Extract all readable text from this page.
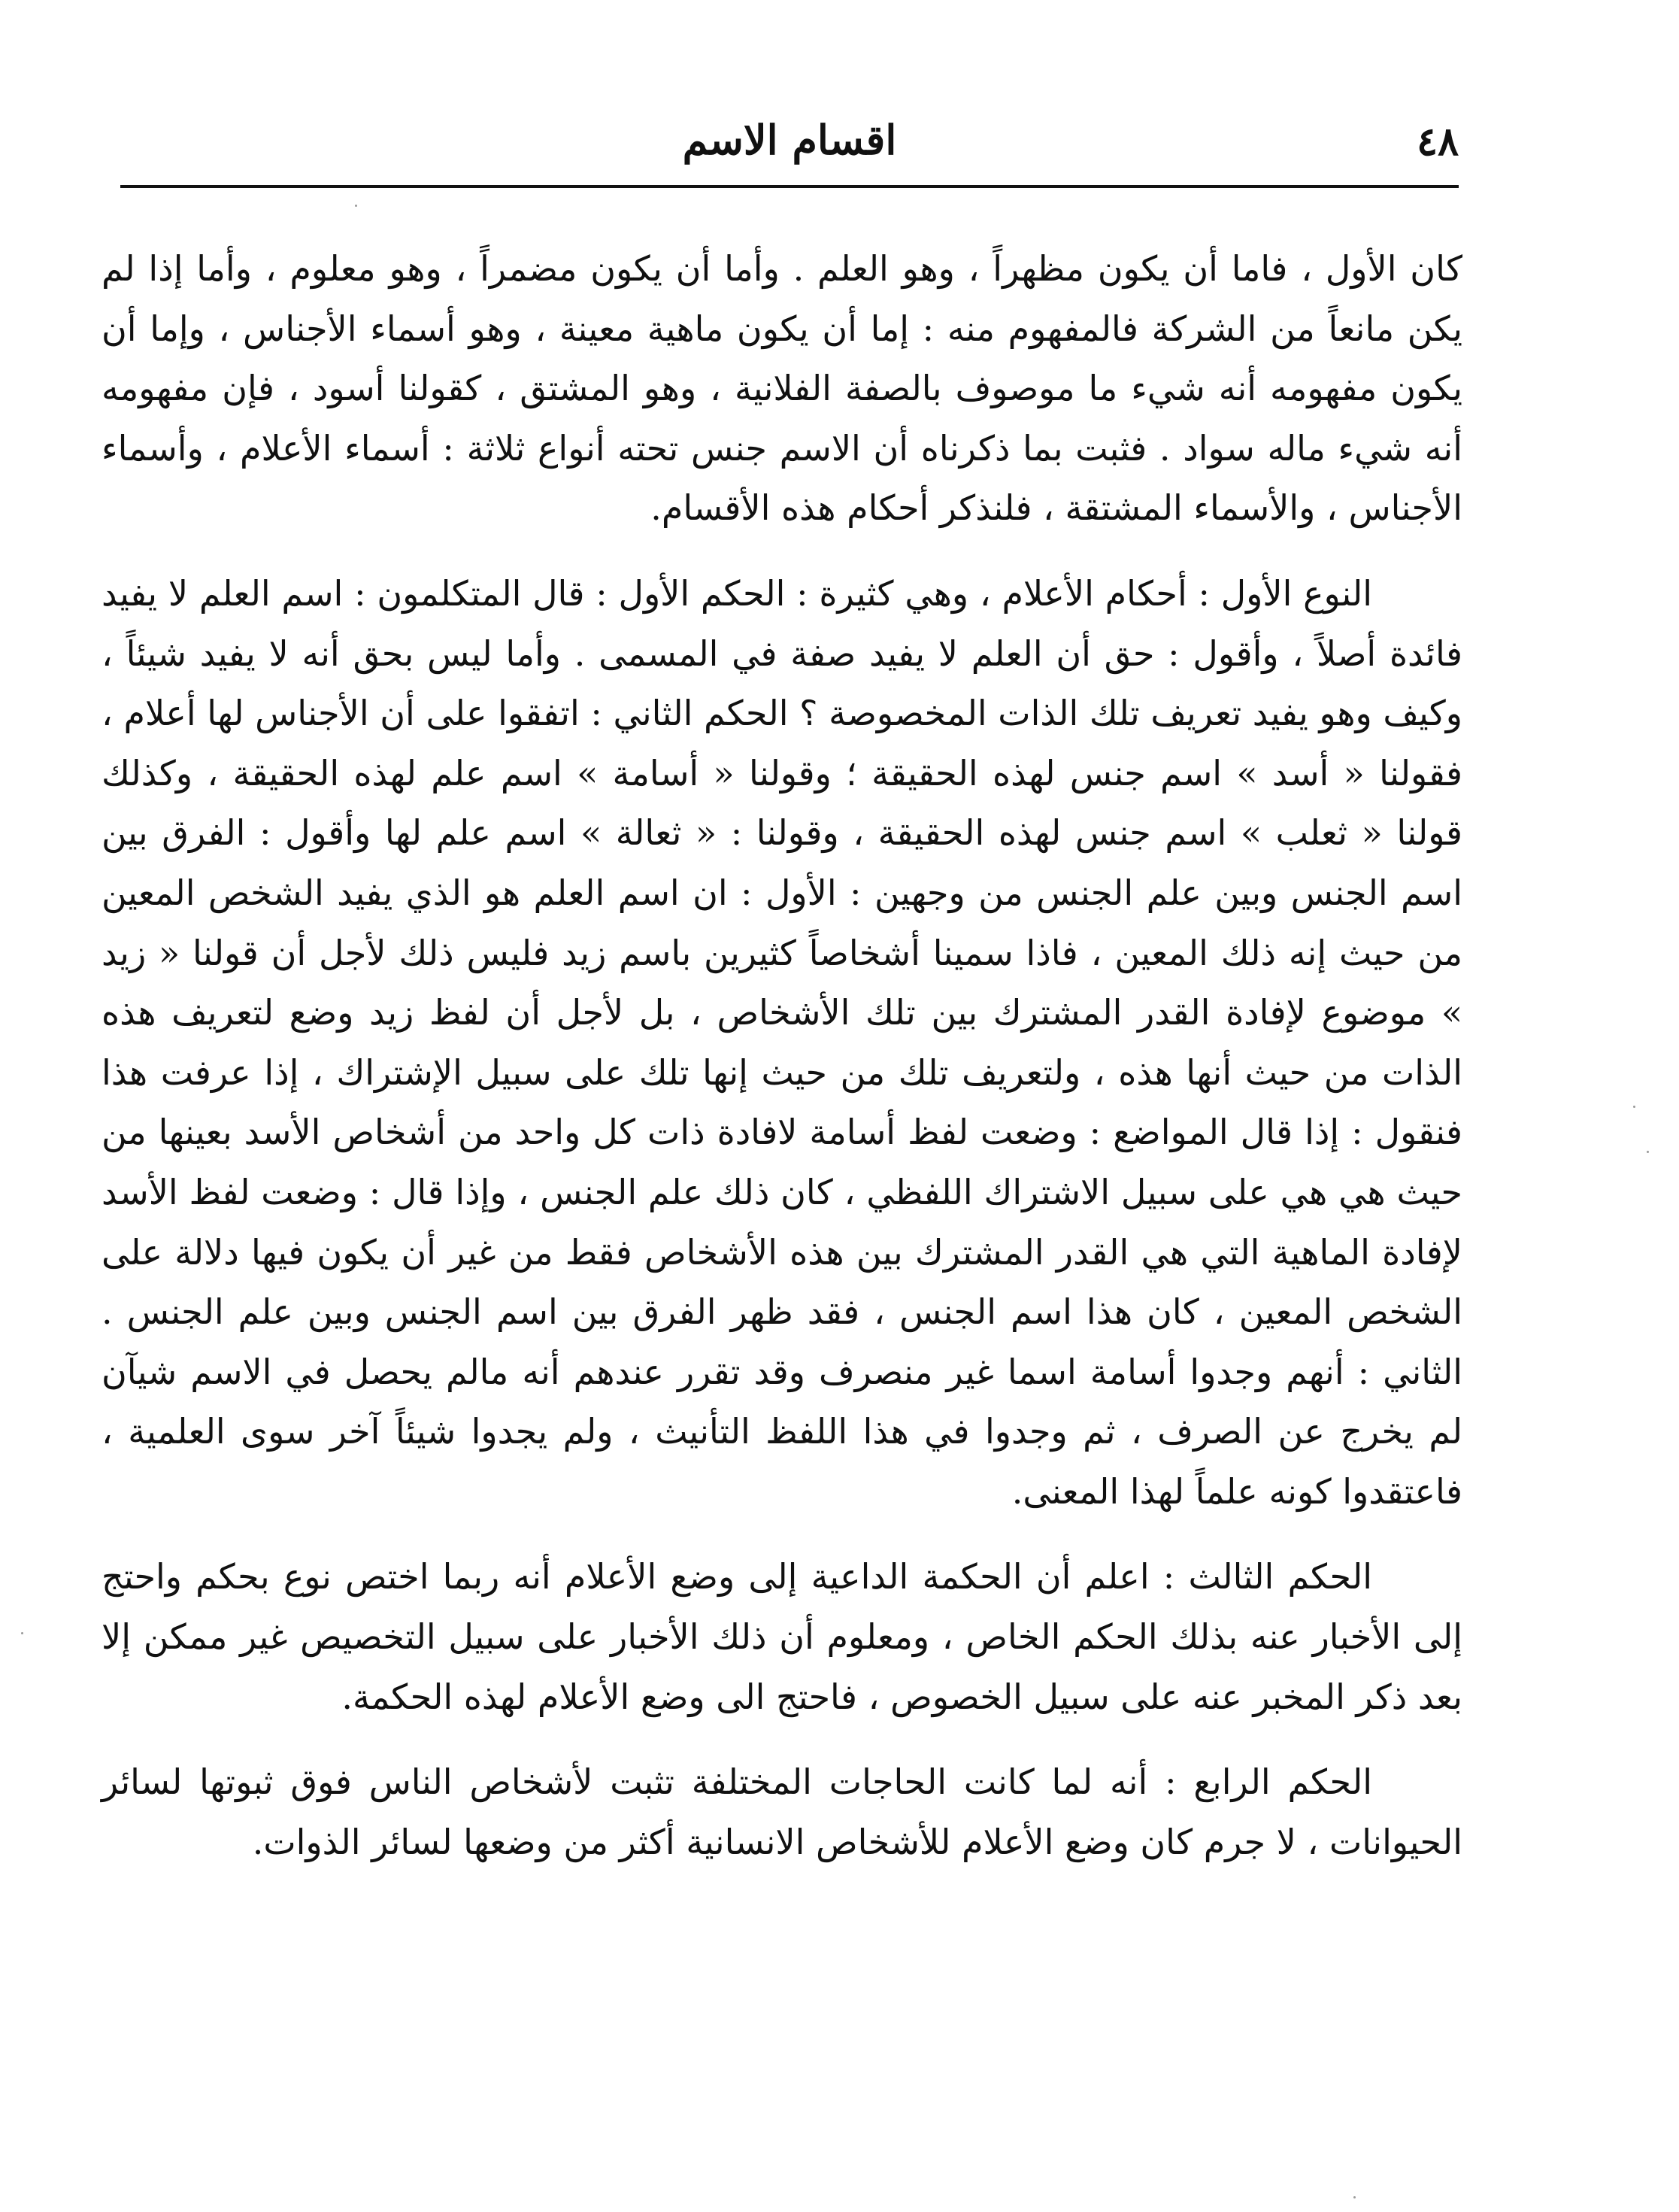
٤٨
اقسام الاسم

كان الأول ، فاما أن يكون مظهراً ، وهو العلم . وأما أن يكون مضمراً ، وهو معلوم ، وأما إذا لم يكن مانعاً من الشركة فالمفهوم منه : إما أن يكون ماهية معينة ، وهو أسماء الأجناس ، وإما أن يكون مفهومه أنه شيء ما موصوف بالصفة الفلانية ، وهو المشتق ، كقولنا أسود ، فإن مفهومه أنه شيء ماله سواد . فثبت بما ذكرناه أن الاسم جنس تحته أنواع ثلاثة : أسماء الأعلام ، وأسماء الأجناس ، والأسماء المشتقة ، فلنذكر أحكام هذه الأقسام.

النوع الأول : أحكام الأعلام ، وهي كثيرة : الحكم الأول : قال المتكلمون : اسم العلم لا يفيد فائدة أصلاً ، وأقول : حق أن العلم لا يفيد صفة في المسمى . وأما ليس بحق أنه لا يفيد شيئاً ، وكيف وهو يفيد تعريف تلك الذات المخصوصة ؟ الحكم الثاني : اتفقوا على أن الأجناس لها أعلام ، فقولنا « أسد » اسم جنس لهذه الحقيقة ؛ وقولنا « أسامة » اسم علم لهذه الحقيقة ، وكذلك قولنا « ثعلب » اسم جنس لهذه الحقيقة ، وقولنا : « ثعالة » اسم علم لها وأقول : الفرق بين اسم الجنس وبين علم الجنس من وجهين : الأول : ان اسم العلم هو الذي يفيد الشخص المعين من حيث إنه ذلك المعين ، فاذا سمينا أشخاصاً كثيرين باسم زيد فليس ذلك لأجل أن قولنا « زيد » موضوع لإفادة القدر المشترك بين تلك الأشخاص ، بل لأجل أن لفظ زيد وضع لتعريف هذه الذات من حيث أنها هذه ، ولتعريف تلك من حيث إنها تلك على سبيل الإشتراك ، إذا عرفت هذا فنقول : إذا قال المواضع : وضعت لفظ أسامة لافادة ذات كل واحد من أشخاص الأسد بعينها من حيث هي هي على سبيل الاشتراك اللفظي ، كان ذلك علم الجنس ، وإذا قال : وضعت لفظ الأسد لإفادة الماهية التي هي القدر المشترك بين هذه الأشخاص فقط من غير أن يكون فيها دلالة على الشخص المعين ، كان هذا اسم الجنس ، فقد ظهر الفرق بين اسم الجنس وبين علم الجنس . الثاني : أنهم وجدوا أسامة اسما غير منصرف وقد تقرر عندهم أنه مالم يحصل في الاسم شيآن لم يخرج عن الصرف ، ثم وجدوا في هذا اللفظ التأنيث ، ولم يجدوا شيئاً آخر سوى العلمية ، فاعتقدوا كونه علماً لهذا المعنى.

الحكم الثالث : اعلم أن الحكمة الداعية إلى وضع الأعلام أنه ربما اختص نوع بحكم واحتج إلى الأخبار عنه بذلك الحكم الخاص ، ومعلوم أن ذلك الأخبار على سبيل التخصيص غير ممكن إلا بعد ذكر المخبر عنه على سبيل الخصوص ، فاحتج الى وضع الأعلام لهذه الحكمة.

الحكم الرابع : أنه لما كانت الحاجات المختلفة تثبت لأشخاص الناس فوق ثبوتها لسائر الحيوانات ، لا جرم كان وضع الأعلام للأشخاص الانسانية أكثر من وضعها لسائر الذوات.
